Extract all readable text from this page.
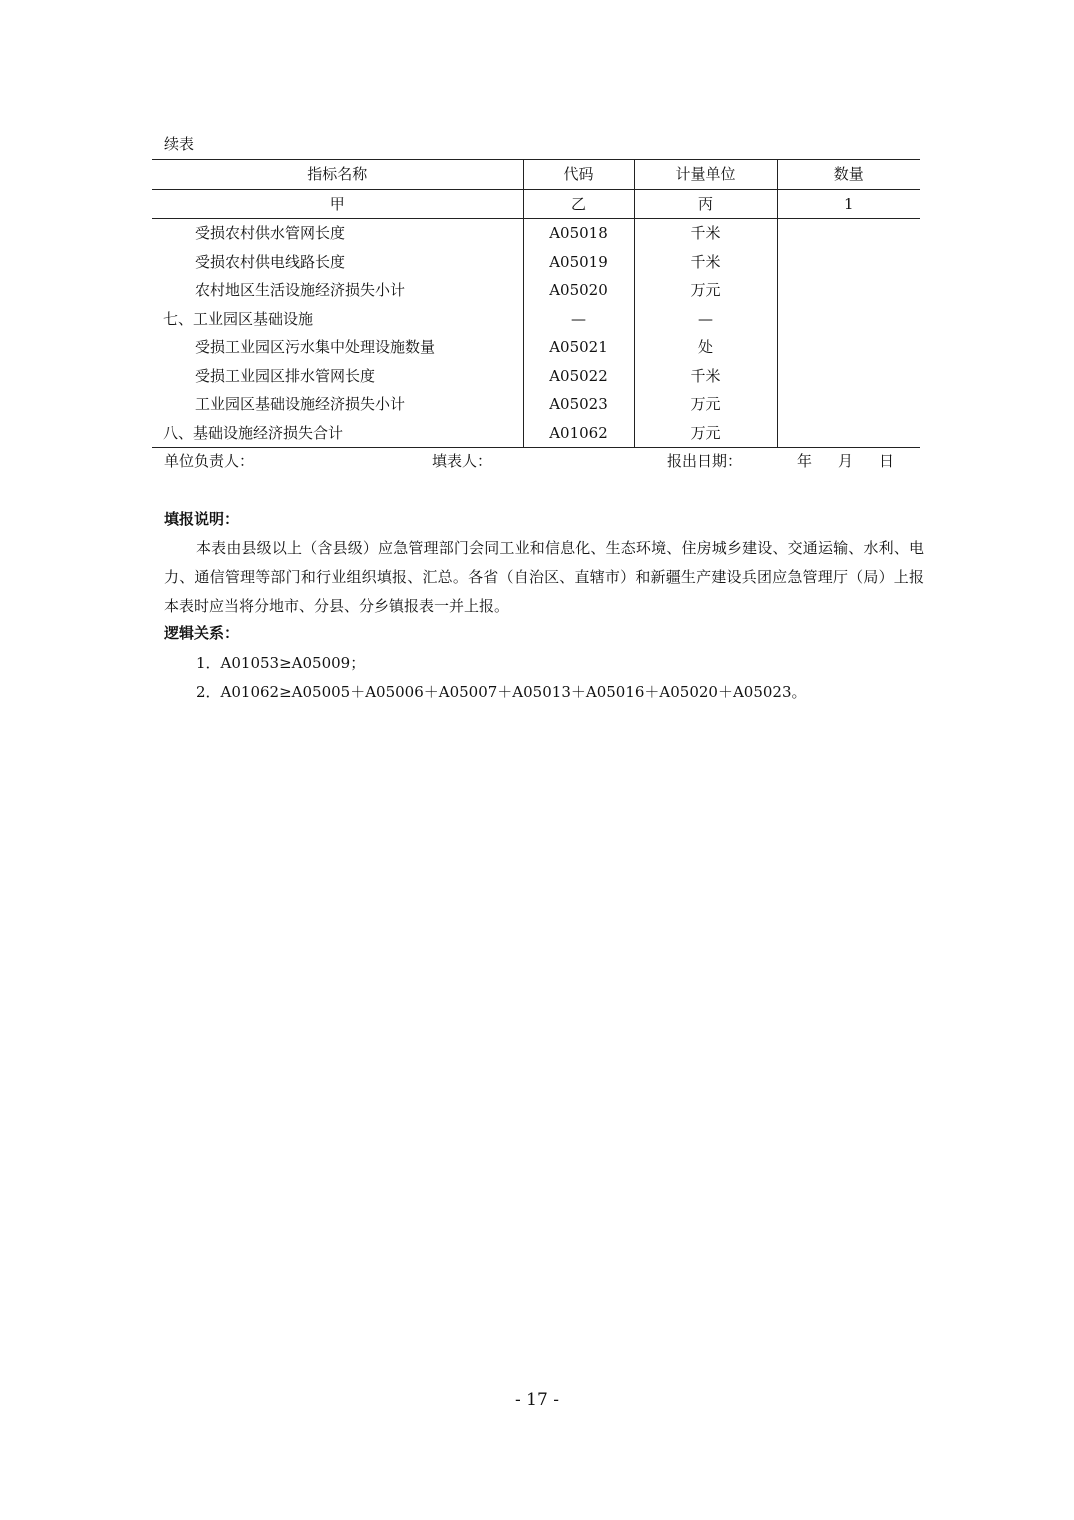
续表
指标名称	代码	计量单位	数量
甲	乙	丙	1
受损农村供水管网长度	A05018	千米	
受损农村供电线路长度	A05019	千米	
农村地区生活设施经济损失小计	A05020	万元	
七、工业园区基础设施	—	—	
受损工业园区污水集中处理设施数量	A05021	处	
受损工业园区排水管网长度	A05022	千米	
工业园区基础设施经济损失小计	A05023	万元	
八、基础设施经济损失合计	A01062	万元	
单位负责人：	填表人：	报出日期：	年 月 日

填报说明：

本表由县级以上（含县级）应急管理部门会同工业和信息化、生态环境、住房城乡建设、交通运输、水利、电力、通信管理等部门和行业组织填报、汇总。各省（自治区、直辖市）和新疆生产建设兵团应急管理厅（局）上报本表时应当将分地市、分县、分乡镇报表一并上报。

逻辑关系：

1．A01053≥A05009；

2．A01062≥A05005＋A05006＋A05007＋A05013＋A05016＋A05020＋A05023。

- 17 -
